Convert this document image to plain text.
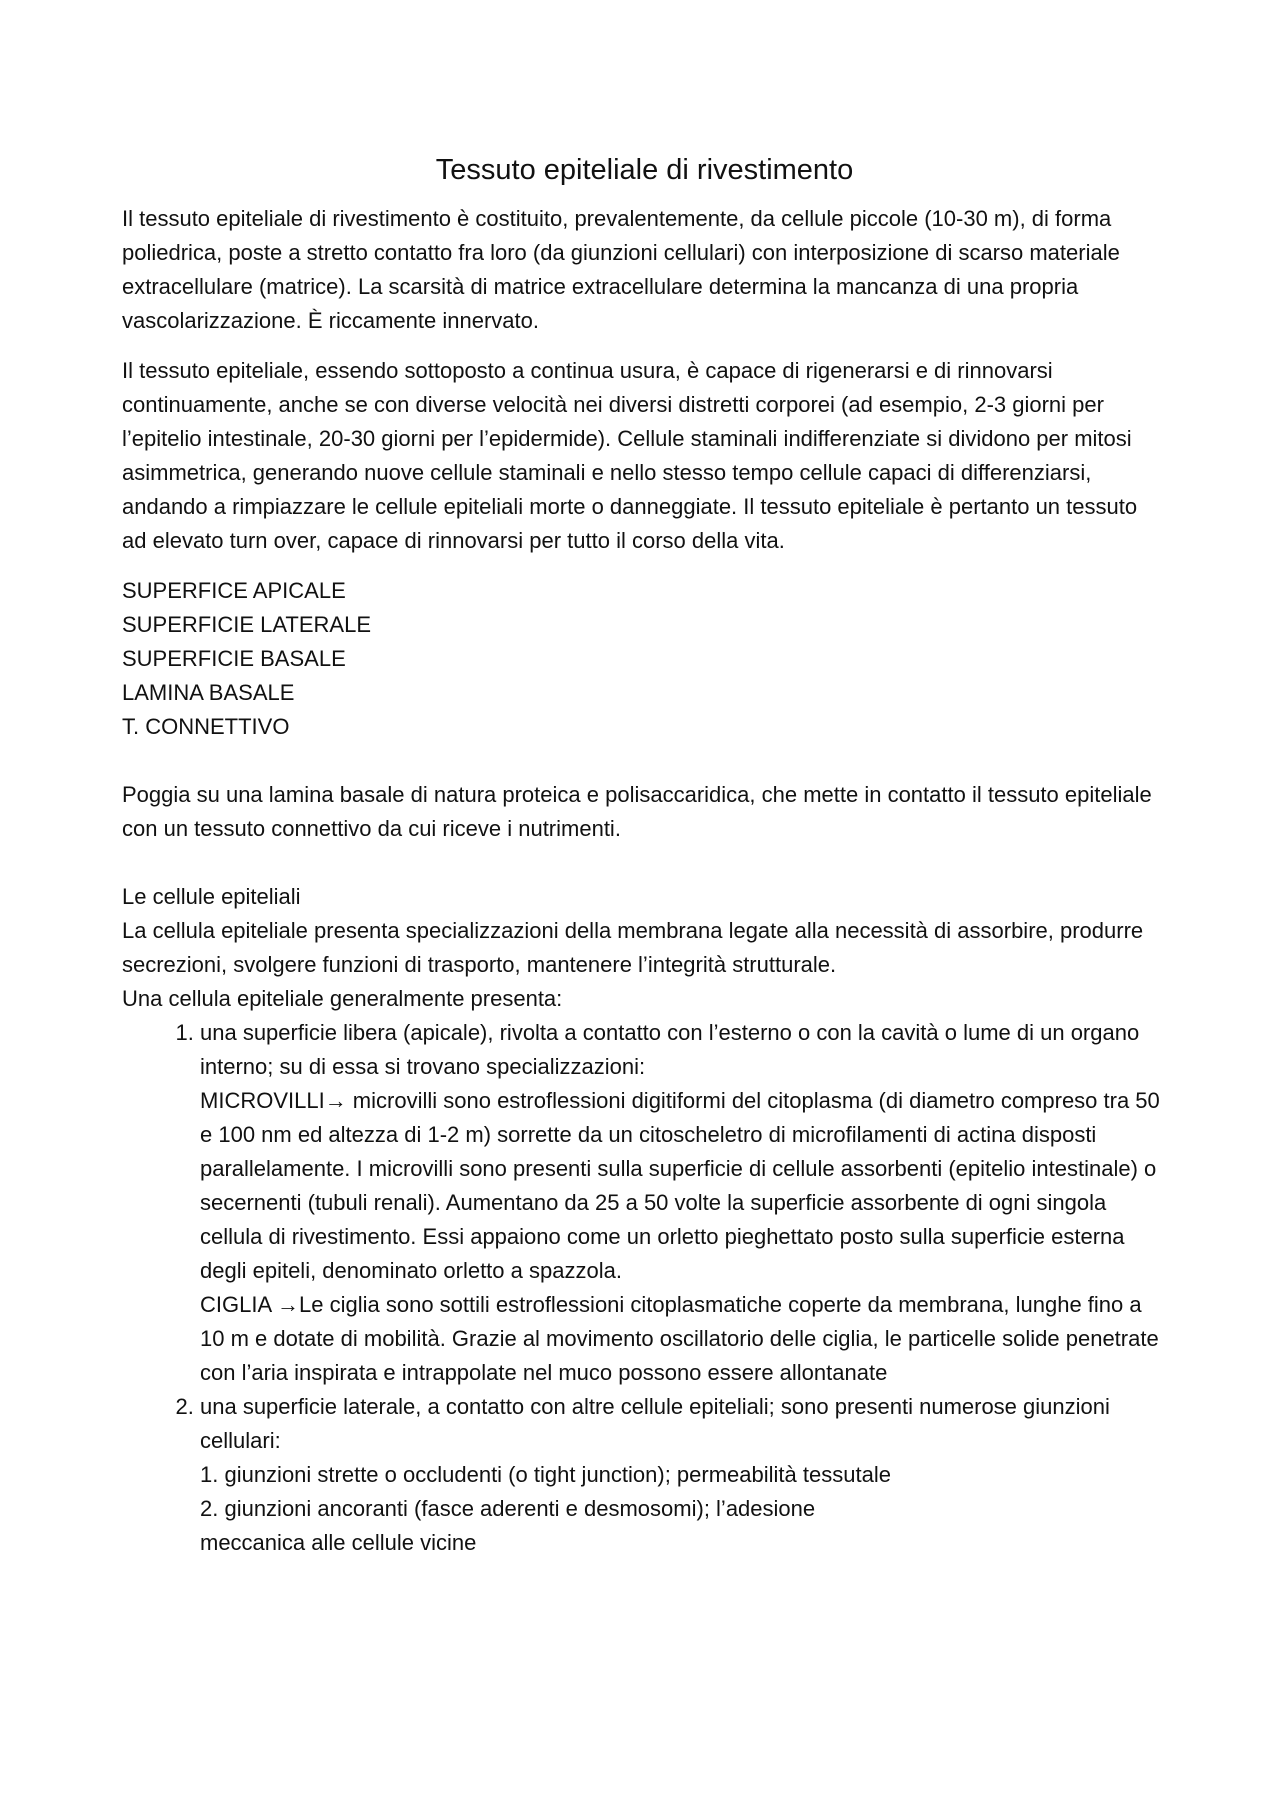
Tessuto epiteliale di rivestimento

Il tessuto epiteliale di rivestimento è costituito, prevalentemente, da cellule piccole (10-30 m), di forma poliedrica, poste a stretto contatto fra loro (da giunzioni cellulari) con interposizione di scarso materiale extracellulare (matrice). La scarsità di matrice extracellulare determina la mancanza di una propria vascolarizzazione. È riccamente innervato.

Il tessuto epiteliale, essendo sottoposto a continua usura, è capace di rigenerarsi e di rinnovarsi continuamente, anche se con diverse velocità nei diversi distretti corporei (ad esempio, 2-3 giorni per l’epitelio intestinale, 20-30 giorni per l’epidermide). Cellule staminali indifferenziate si dividono per mitosi asimmetrica, generando nuove cellule staminali e nello stesso tempo cellule capaci di differenziarsi, andando a rimpiazzare le cellule epiteliali morte o danneggiate. Il tessuto epiteliale è pertanto un tessuto ad elevato turn over, capace di rinnovarsi per tutto il corso della vita.

SUPERFICE APICALE
SUPERFICIE LATERALE
SUPERFICIE BASALE
LAMINA BASALE
T. CONNETTIVO

Poggia su una lamina basale di natura proteica e polisaccaridica, che mette in contatto il tessuto epiteliale con un tessuto connettivo da cui riceve i nutrimenti.

Le cellule epiteliali
La cellula epiteliale presenta specializzazioni della membrana legate alla necessità di assorbire, produrre secrezioni, svolgere funzioni di trasporto, mantenere l’integrità strutturale.
Una cellula epiteliale generalmente presenta:
1. una superficie libera (apicale), rivolta a contatto con l’esterno o con la cavità o lume di un organo interno; su di essa si trovano specializzazioni:
MICROVILLI→ microvilli sono estroflessioni digitiformi del citoplasma (di diametro compreso tra 50 e 100 nm ed altezza di 1-2 m) sorrette da un citoscheletro di microfilamenti di actina disposti parallelamente. I microvilli sono presenti sulla superficie di cellule assorbenti (epitelio intestinale) o secernenti (tubuli renali). Aumentano da 25 a 50 volte la superficie assorbente di ogni singola cellula di rivestimento. Essi appaiono come un orletto pieghettato posto sulla superficie esterna degli epiteli, denominato orletto a spazzola.
CIGLIA →Le ciglia sono sottili estroflessioni citoplasmatiche coperte da membrana, lunghe fino a 10 m e dotate di mobilità. Grazie al movimento oscillatorio delle ciglia, le particelle solide penetrate con l’aria inspirata e intrappolate nel muco possono essere allontanate
2. una superficie laterale, a contatto con altre cellule epiteliali; sono presenti numerose giunzioni cellulari:
1. giunzioni strette o occludenti (o tight junction); permeabilità tessutale
2. giunzioni ancoranti (fasce aderenti e desmosomi); l’adesione
meccanica alle cellule vicine
